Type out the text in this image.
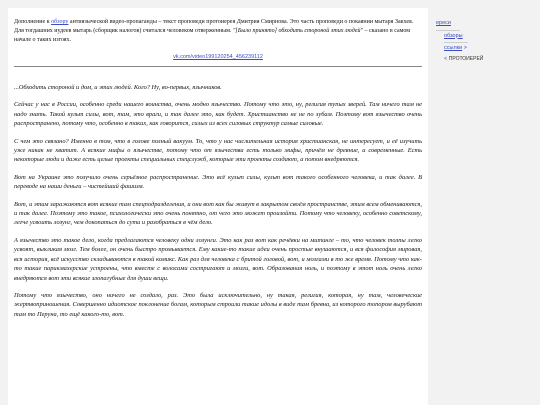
Дополнение к обзору антиязыческой видео-пропаганды – текст проповеди протоиерея Дмитрия Смирнова. Это часть проповеди о покаянии мытаря Закхея. Для тогдашних иудеев мытарь (сборщик налогов) считался человеком отверженным. "[Было принято] обходить стороной этих людей" – сказано в самом начале о таких изгоях.

vk.com/video199120254_456239112

...Обходить стороной и дом, и этих людей. Кого? Ну, во-первых, язычников.

Сейчас у нас в России, особенно среди нашего воинства, очень модно язычество. Потому что это, ну, религия тупых зверей. Там ничего там не надо знать. Такой культ силы, вот, там, это враги, и так далее это, как будет. Христианство не не по зубам. Поэтому вот язычество очень распространено, потому что, особенно в таких, как говорится, силых из всех силовых структур самые силовые.

С чем это связано? Именно в том, что в голове полный вакуум. То, что у нас числительная история христианская, не интересует, и её изучить уже никак не хватит. А всякие мифы о язычестве, потому что от язычества есть только мифы, причём не древние, а современные. Есть некоторые люди и даже есть целые проекты специальных спецслужб, которые эти проекты создают, а потом внедряются.

Вот на Украине это получило очень серьёзное распространение. Это всё культ силы, культ вот такого особенного человека, и так далее. В переводе на наши деньги – чистейший фашизм.

Вот, и этим заражаются вот всякие там спецподразделения, и они вот как бы живут в закрытом своём пространстве, этим всем обмениваются, и так далее. Поэтому это такое, психологически это очень понятно, от чего это может произойти. Потому что человеку, особенно советскому, легче усвоить лозунг, чем докопаться до сути и разобраться в чём дело.

А язычество это такое дело, когда предлагаются человеку одни лозунги. Это как раз вот как речёвки на митинге – то, что человек толпы легко усвоят, выкликая мозг. Тем более, он очень быстро промывается. Ему какие-то такие идеи очень простые внушаются, и вся философия мировая, вся история, всё искусство складываются в такой комикс. Как раз для человека с бритой головой, вот, и мозгами в то же время. Потому что как-то такие парикмахерские устроены, что вместе с волосами состригают и мозги, вот. Образования ноль, и поэтому в этот ноль очень легко внедряются вот эти всякие злопагубные для души вещи.

Потому что язычество, оно ничего не создало, раз. Это была исключительно, ну такая, религия, которая, ну там, человеческие жертвоприношения. Совершенно идиотское поклонение богам, которым строили такие идолы в виде там бревна, из которого топором вырубают там то Перуна, то ещё какого-то, вот.

ереси
обзоры
ссылки >
< ПРОТОИЕРЕЙ
